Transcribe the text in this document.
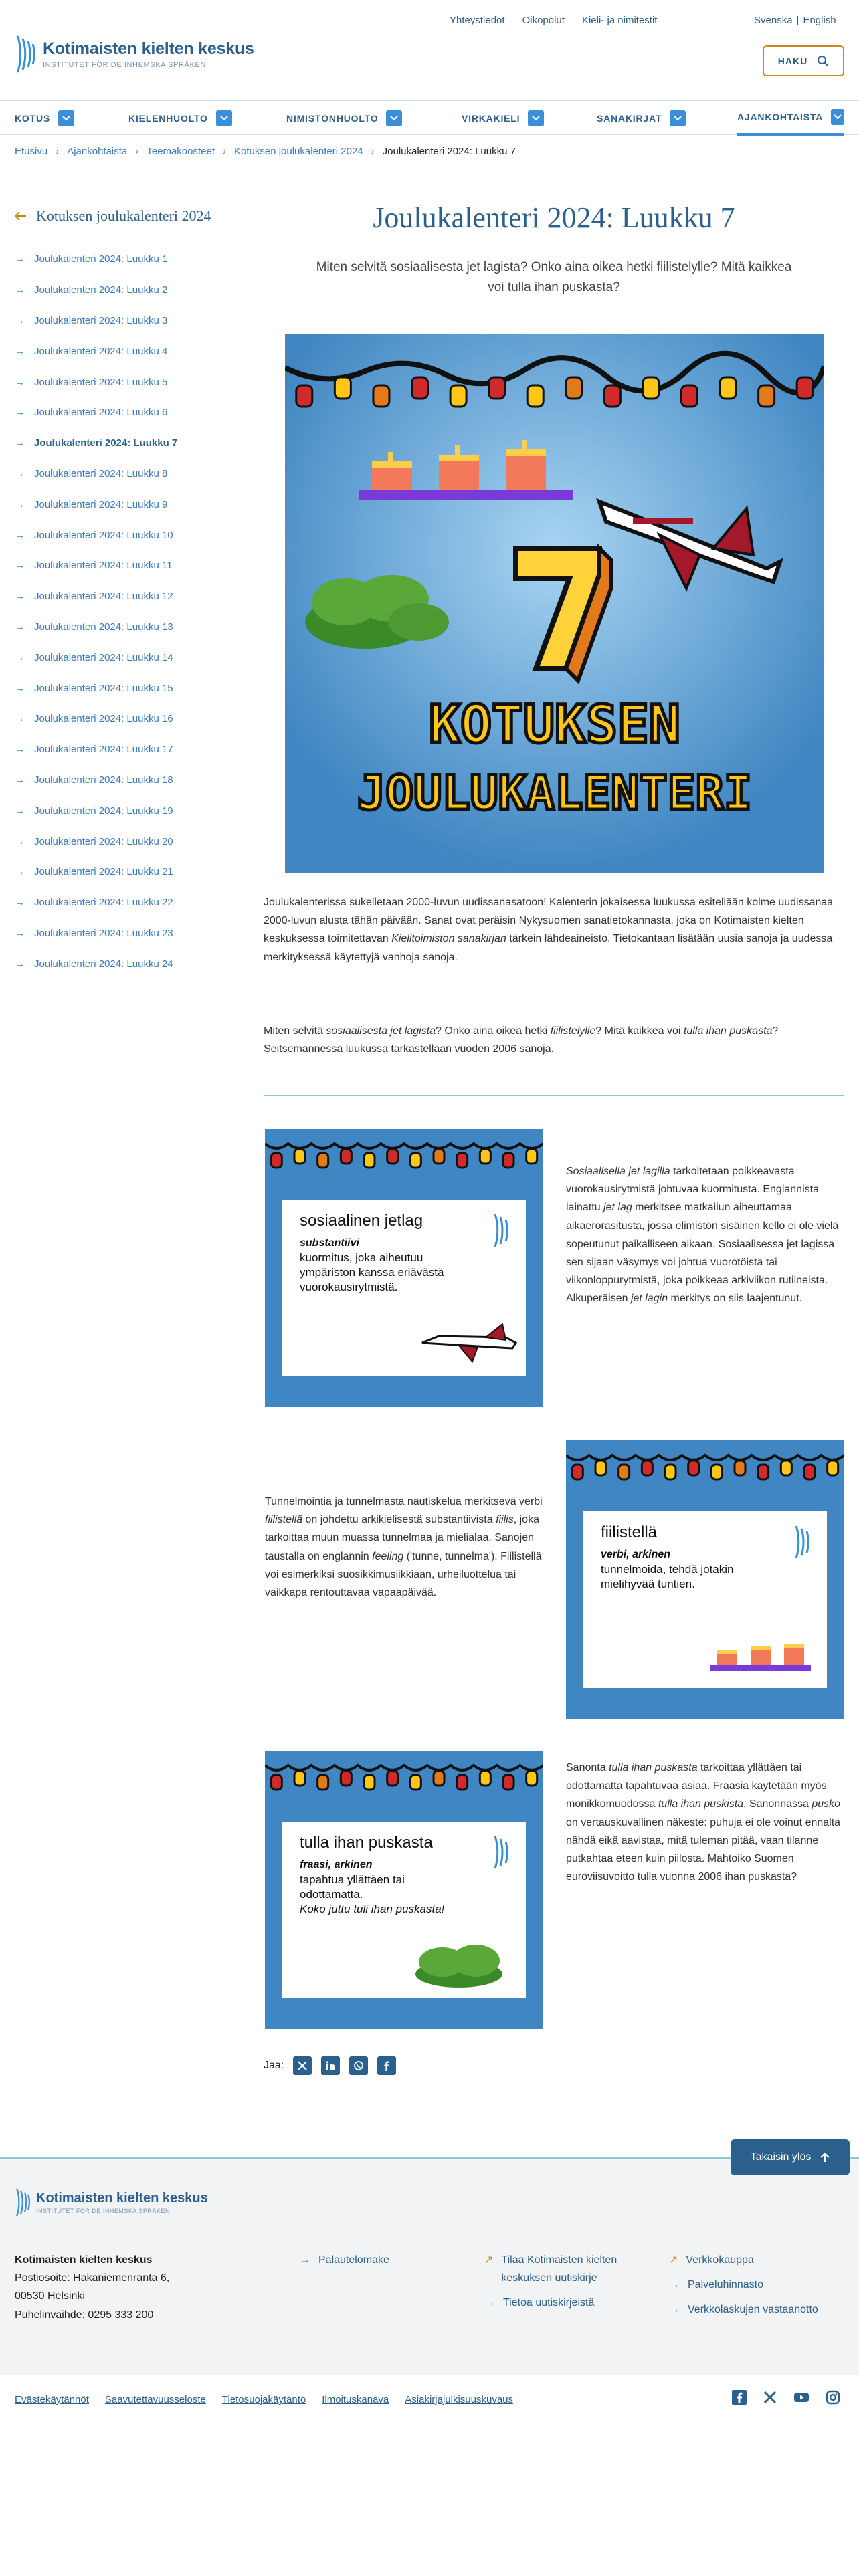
Kotimaisten kielten keskus
INSTITUTET FÖR DE INHEMSKA SPRÅKEN
Yhteystiedot Oikopolut Kieli- ja nimitestit	Svenska | English
HAKU
KOTUS	KIELENHUOLTO	NIMISTÖNHUOLTO	VIRKAKIELI	SANAKIRJAT	AJANKOHTAISTA
Etusivu › Ajankohtaista › Teemakoosteet › Kotuksen joulukalenteri 2024 › Joulukalenteri 2024: Luukku 7
Kotuksen joulukalenteri 2024
→ Joulukalenteri 2024: Luukku 1
→ Joulukalenteri 2024: Luukku 2
→ Joulukalenteri 2024: Luukku 3
→ Joulukalenteri 2024: Luukku 4
→ Joulukalenteri 2024: Luukku 5
→ Joulukalenteri 2024: Luukku 6
→ Joulukalenteri 2024: Luukku 7
→ Joulukalenteri 2024: Luukku 8
→ Joulukalenteri 2024: Luukku 9
→ Joulukalenteri 2024: Luukku 10
→ Joulukalenteri 2024: Luukku 11
→ Joulukalenteri 2024: Luukku 12
→ Joulukalenteri 2024: Luukku 13
→ Joulukalenteri 2024: Luukku 14
→ Joulukalenteri 2024: Luukku 15
→ Joulukalenteri 2024: Luukku 16
→ Joulukalenteri 2024: Luukku 17
→ Joulukalenteri 2024: Luukku 18
→ Joulukalenteri 2024: Luukku 19
→ Joulukalenteri 2024: Luukku 20
→ Joulukalenteri 2024: Luukku 21
→ Joulukalenteri 2024: Luukku 22
→ Joulukalenteri 2024: Luukku 23
→ Joulukalenteri 2024: Luukku 24
Joulukalenteri 2024: Luukku 7

Miten selvitä sosiaalisesta jet lagista? Onko aina oikea hetki fiilistelylle? Mitä kaikkea voi tulla ihan puskasta?

KOTUKSEN
JOULUKALENTERI

Joulukalenterissa sukelletaan 2000-luvun uudissanasatoon! Kalenterin jokaisessa luukussa esitellään kolme uudissanaa 2000-luvun alusta tähän päivään. Sanat ovat peräisin Nykysuomen sanatietokannasta, joka on Kotimaisten kielten keskuksessa toimitettavan Kielitoimiston sanakirjan tärkein lähdeaineisto. Tietokantaan lisätään uusia sanoja ja uudessa merkityksessä käytettyjä vanhoja sanoja.

Miten selvitä sosiaalisesta jet lagista? Onko aina oikea hetki fiilistelylle? Mitä kaikkea voi tulla ihan puskasta? Seitsemännessä luukussa tarkastellaan vuoden 2006 sanoja.

sosiaalinen jetlag
substantiivi
kuormitus, joka aiheutuu ympäristön kanssa eriävästä vuorokausirytmistä.

Sosiaalisella jet lagilla tarkoitetaan poikkeavasta vuorokausirytmistä johtuvaa kuormitusta. Englannista lainattu jet lag merkitsee matkailun aiheuttamaa aikaerorasitusta, jossa elimistön sisäinen kello ei ole vielä sopeutunut paikalliseen aikaan. Sosiaalisessa jet lagissa sen sijaan väsymys voi johtua vuorotöistä tai viikonloppurytmistä, joka poikkeaa arkiviikon rutiineista. Alkuperäisen jet lagin merkitys on siis laajentunut.

Tunnelmointia ja tunnelmasta nautiskelua merkitsevä verbi fiilistellä on johdettu arkikielisestä substantiivista fiilis, joka tarkoittaa muun muassa tunnelmaa ja mielialaa. Sanojen taustalla on englannin feeling ('tunne, tunnelma'). Fiilistellä voi esimerkiksi suosikkimusiikkiaan, urheiluottelua tai vaikkapa rentouttavaa vapaapäivää.

fiilistellä
verbi, arkinen
tunnelmoida, tehdä jotakin mielihyvää tuntien.
tulla ihan puskasta
fraasi, arkinen
tapahtua yllättäen tai odottamatta.
Koko juttu tuli ihan puskasta!

Sanonta tulla ihan puskasta tarkoittaa yllättäen tai odottamatta tapahtuvaa asiaa. Fraasia käytetään myös monikkomuodossa tulla ihan puskista. Sanonnassa pusko on vertauskuvallinen näkeste: puhuja ei ole voinut ennalta nähdä eikä aavistaa, mitä tuleman pitää, vaan tilanne putkahtaa eteen kuin piilosta. Mahtoiko Suomen euroviisuvoitto tulla vuonna 2006 ihan puskasta?

Jaa:
Takaisin ylös
Kotimaisten kielten keskus
INSTITUTET FÖR DE INHEMSKA SPRÅKEN
Kotimaisten kielten keskus
Postiosoite: Hakaniemenranta 6,
00530 Helsinki
Puhelinvaihde: 0295 333 200
→ Palautelomake	↗ Tilaa Kotimaisten kielten keskuksen uutiskirje
→ Tietoa uutiskirjeistä
↗ Verkkokauppa
→ Palveluhinnasto
→ Verkkolaskujen vastaanotto
Evästekäytännöt Saavutettavuusseloste Tietosuojakäytäntö Ilmoituskanava Asiakirjajulkisuuskuvaus
